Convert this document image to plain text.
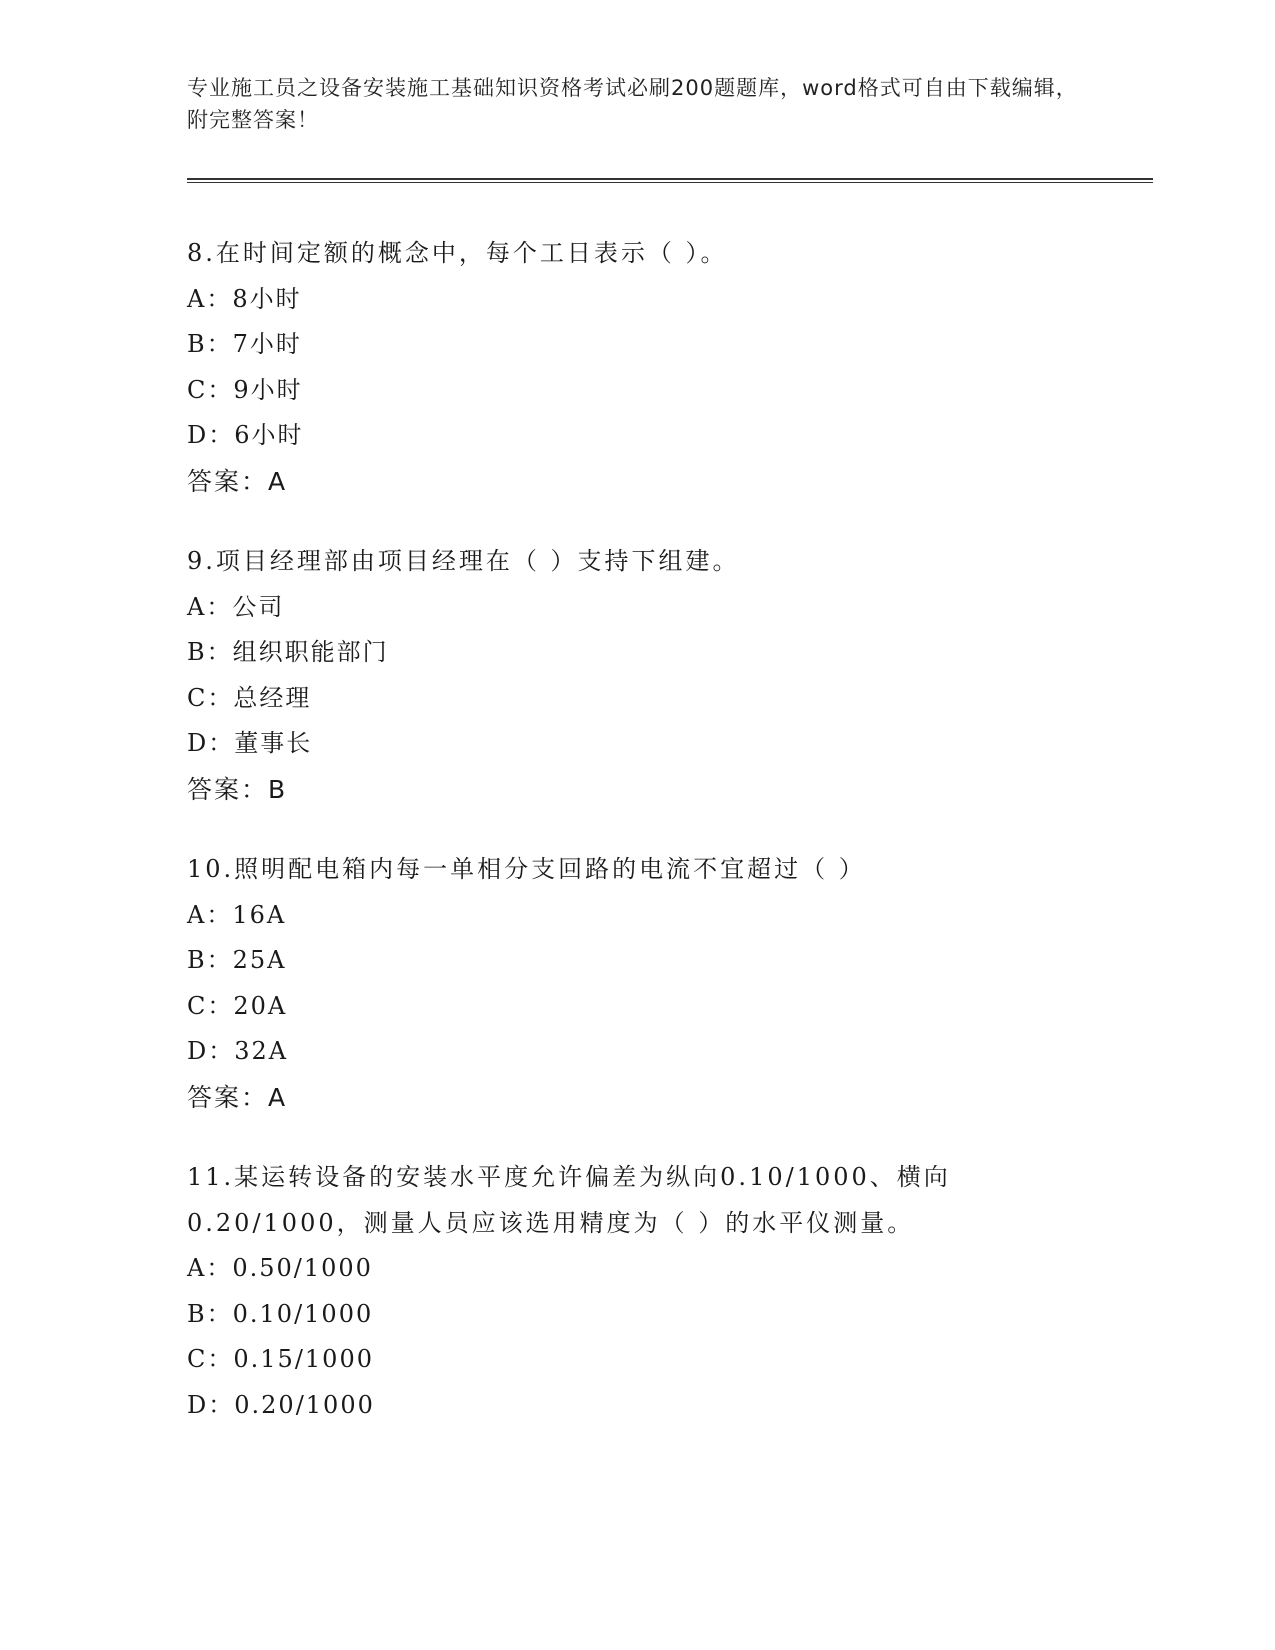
专业施工员之设备安装施工基础知识资格考试必刷200题题库，word格式可自由下载编辑，附完整答案！
8.在时间定额的概念中，每个工日表示（ ）。
A：8小时
B：7小时
C：9小时
D：6小时
答案：A
9.项目经理部由项目经理在（ ）支持下组建。
A：公司
B：组织职能部门
C：总经理
D：董事长
答案：B
10.照明配电箱内每一单相分支回路的电流不宜超过（ ）
A：16A
B：25A
C：20A
D：32A
答案：A
11.某运转设备的安装水平度允许偏差为纵向0.10/1000、横向
0.20/1000，测量人员应该选用精度为（ ）的水平仪测量。
A：0.50/1000
B：0.10/1000
C：0.15/1000
D：0.20/1000
